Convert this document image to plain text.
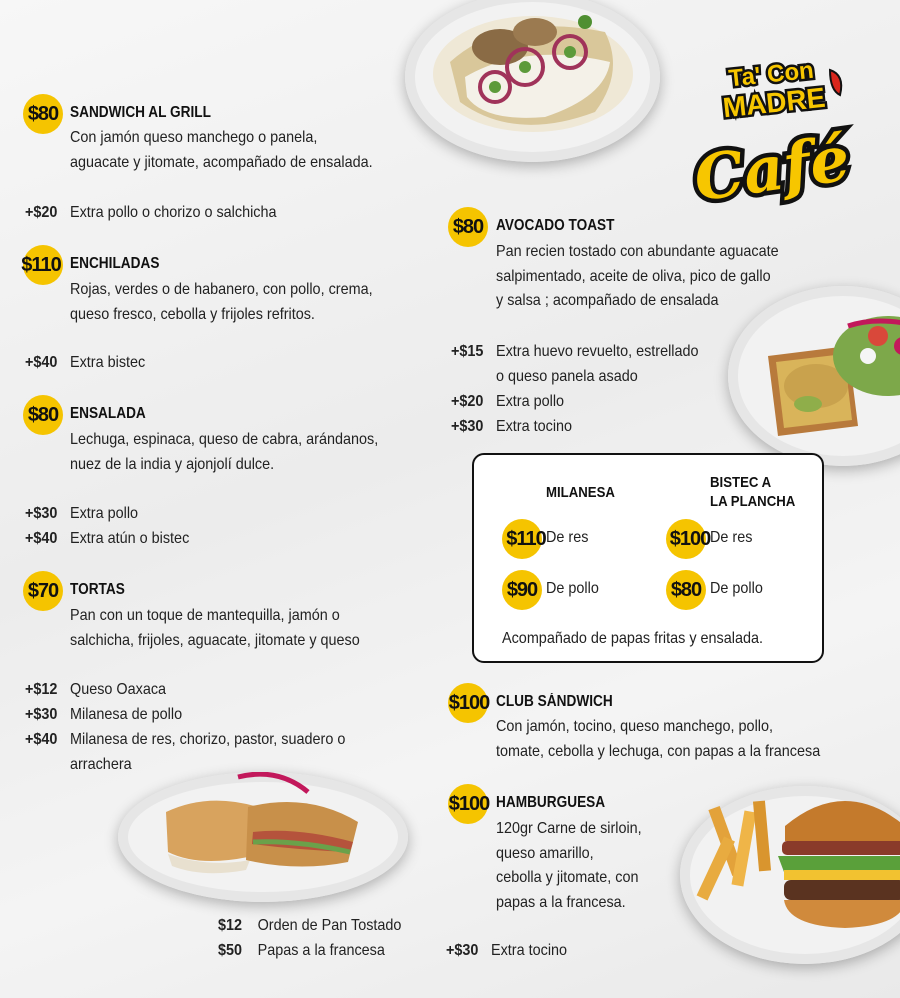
Ta' Con
MADRE
Café
$80 SANDWICH AL GRILL
Con jamón queso manchego o panela,
aguacate y jitomate, acompañado de ensalada.
+$20 Extra pollo o chorizo o salchicha
$110 ENCHILADAS
Rojas, verdes o de habanero, con pollo, crema,
queso fresco, cebolla y frijoles refritos.
+$40 Extra bistec
$80 ENSALADA
Lechuga, espinaca, queso de cabra, arándanos,
nuez de la india y ajonjolí dulce.
+$30 Extra pollo
+$40 Extra atún o bistec
$70 TORTAS
Pan con un toque de mantequilla, jamón o
salchicha, frijoles, aguacate, jitomate y queso
+$12 Queso Oaxaca
+$30 Milanesa de pollo
+$40 Milanesa de res, chorizo, pastor, suadero o
arrachera
$12 Orden de Pan Tostado
$50 Papas a la francesa
$80 AVOCADO TOAST
Pan recien tostado con abundante aguacate
salpimentado, aceite de oliva, pico de gallo
y salsa ; acompañado de ensalada
+$15 Extra huevo revuelto, estrellado
o queso panela asado
+$20 Extra pollo
+$30 Extra tocino
MILANESA
BISTEC A
LA PLANCHA
$110 De res	$100 De res
$90 De pollo	$80 De pollo
Acompañado de papas fritas y ensalada.
$100 CLUB SÁNDWICH
Con jamón, tocino, queso manchego, pollo,
tomate, cebolla y lechuga, con papas a la francesa
$100 HAMBURGUESA
120gr Carne de sirloin,
queso amarillo,
cebolla y jitomate, con
papas a la francesa.
+$30 Extra tocino
